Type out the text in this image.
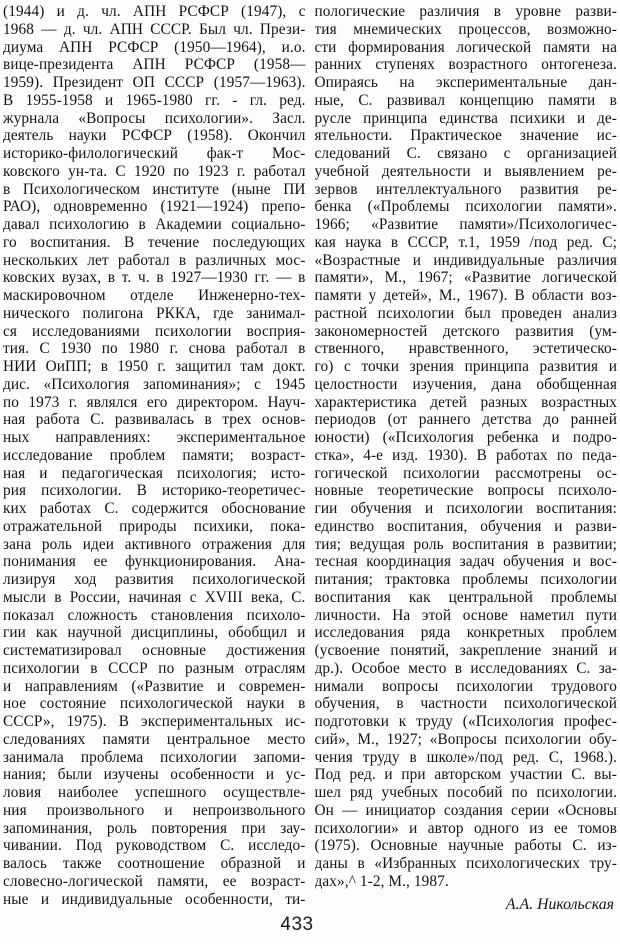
(1944) и д. чл. АПН РСФСР (1947), с
1968 — д. чл. АПН СССР. Был чл. Прези-
диума АПН РСФСР (1950—1964), и.о.
вице-президента АПН РСФСР (1958—
1959). Президент ОП СССР (1957—1963).
В 1955-1958 и 1965-1980 гг. - гл. ред.
журнала «Вопросы психологии». Засл.
деятель науки РСФСР (1958). Окончил
историко-филологический фак-т Мос-
ковского ун-та. С 1920 по 1923 г. работал
в Психологическом институте (ныне ПИ
РАО), одновременно (1921—1924) препо-
давал психологию в Академии социально-
го воспитания. В течение последующих
нескольких лет работал в различных мос-
ковских вузах, в т. ч. в 1927—1930 гг. — в
маскировочном отделе Инженерно-тех-
нического полигона РККА, где занимал-
ся исследованиями психологии восприя-
тия. С 1930 по 1980 г. снова работал в
НИИ ОиПП; в 1950 г. защитил там докт.
дис. «Психология запоминания»; с 1945
по 1973 г. являлся его директором. Науч-
ная работа С. развивалась в трех основ-
ных направлениях: экспериментальное
исследование проблем памяти; возраст-
ная и педагогическая психология; исто-
рия психологии. В историко-теоретичес-
ких работах С. содержится обоснование
отражательной природы психики, пока-
зана роль идеи активного отражения для
понимания ее функционирования. Ана-
лизируя ход развития психологической
мысли в России, начиная с XVIII века, С.
показал сложность становления психоло-
гии как научной дисциплины, обобщил и
систематизировал основные достижения
психологии в СССР по разным отраслям
и направлениям («Развитие и современ-
ное состояние психологической науки в
СССР», 1975). В экспериментальных ис-
следованиях памяти центральное место
занимала проблема психологии запоми-
нания; были изучены особенности и ус-
ловия наиболее успешного осуществле-
ния произвольного и непроизвольного
запоминания, роль повторения при зау-
чивании. Под руководством С. исследо-
валось также соотношение образной и
словесно-логической памяти, ее возраст-
ные и индивидуальные особенности, ти-
пологические различия в уровне разви-
тия мнемических процессов, возможно-
сти формирования логической памяти на
ранних ступенях возрастного онтогенеза.
Опираясь на экспериментальные дан-
ные, С. развивал концепцию памяти в
русле принципа единства психики и де-
ятельности. Практическое значение ис-
следований С. связано с организацией
учебной деятельности и выявлением ре-
зервов интеллектуального развития ре-
бенка («Проблемы психологии памяти».
1966; «Развитие памяти»/Психологичес-
кая наука в СССР, т.1, 1959 /под ред. С;
«Возрастные и индивидуальные различия
памяти», М., 1967; «Развитие логической
памяти у детей», М., 1967). В области воз-
растной психологии был проведен анализ
закономерностей детского развития (ум-
ственного, нравственного, эстетическо-
го) с точки зрения принципа развития и
целостности изучения, дана обобщенная
характеристика детей разных возрастных
периодов (от раннего детства до ранней
юности) («Психология ребенка и подро-
стка», 4-е изд. 1930). В работах по педа-
гогической психологии рассмотрены ос-
новные теоретические вопросы психоло-
гии обучения и психологии воспитания:
единство воспитания, обучения и разви-
тия; ведущая роль воспитания в развитии;
тесная координация задач обучения и вос-
питания; трактовка проблемы психологии
воспитания как центральной проблемы
личности. На этой основе наметил пути
исследования ряда конкретных проблем
(усвоение понятий, закрепление знаний и
др.). Особое место в исследованиях С. за-
нимали вопросы психологии трудового
обучения, в частности психологической
подготовки к труду («Психология профес-
сий», М., 1927; «Вопросы психологии обу-
чения труду в школе»/под ред. С, 1968.).
Под ред. и при авторском участии С. вы-
шел ряд учебных пособий по психологии.
Он — инициатор создания серии «Основы
психологии» и автор одного из ее томов
(1975). Основные научные работы С. из-
даны в «Избранных психологических тру-
дах»,^ 1-2, М., 1987.
А.А. Никольская
433
